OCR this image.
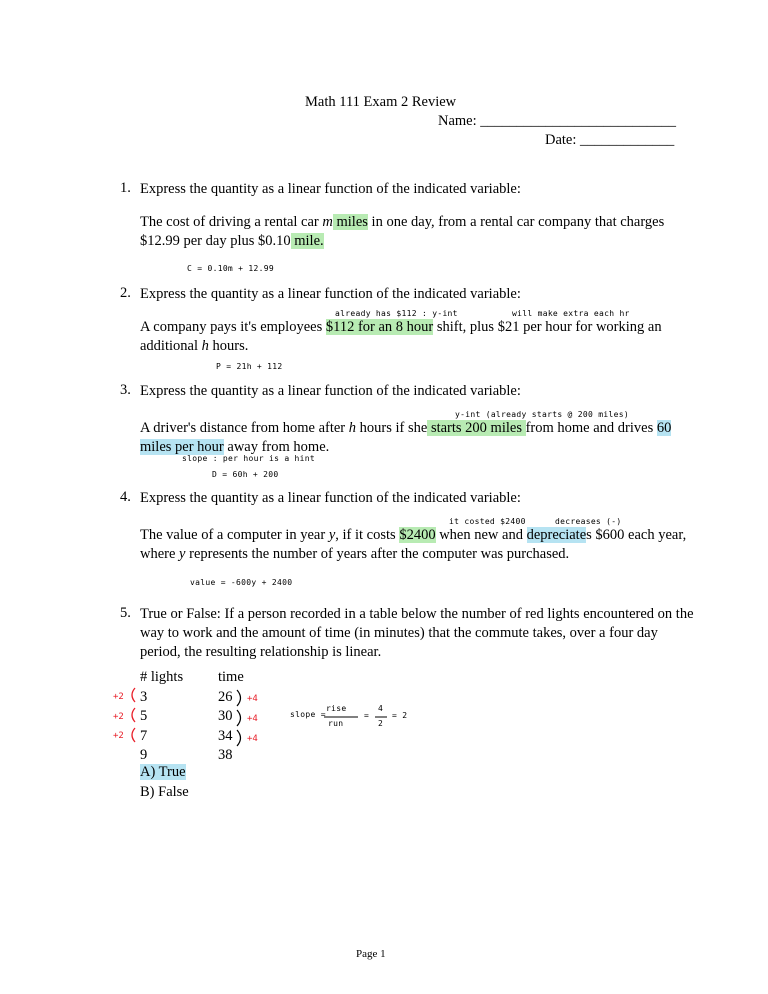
Math 111 Exam 2 Review
Name: ___________________________
Date: _____________
1. Express the quantity as a linear function of the indicated variable:
The cost of driving a rental car m miles in one day, from a rental car company that charges $12.99 per day plus $0.10 mile.
C = 0.10m + 12.99
2. Express the quantity as a linear function of the indicated variable:
already has $112 : y-int	will make extra each hr
A company pays it's employees $112 for an 8 hour shift, plus $21 per hour for working an additional h hours.
P = 21h + 112
3. Express the quantity as a linear function of the indicated variable:
y-int (already starts @ 200 miles)
A driver's distance from home after h hours if she starts 200 miles from home and drives 60 miles per hour away from home.
slope : per hour is a hint
D = 60h + 200
4. Express the quantity as a linear function of the indicated variable:
it costed $2400	decreases (-)
The value of a computer in year y, if it costs $2400 when new and depreciates $600 each year, where y represents the number of years after the computer was purchased.
value = -600y + 2400
5. True or False: If a person recorded in a table below the number of red lights encountered on the way to work and the amount of time (in minutes) that the commute takes, over a four day period, the resulting relationship is linear.
# lights
3
5
7
9
time
26
30
34
38
+2
+2
+2
+4
+4
+4
slope =
rise
run
=
4
2
= 2
A) True
B) False
Page 1
